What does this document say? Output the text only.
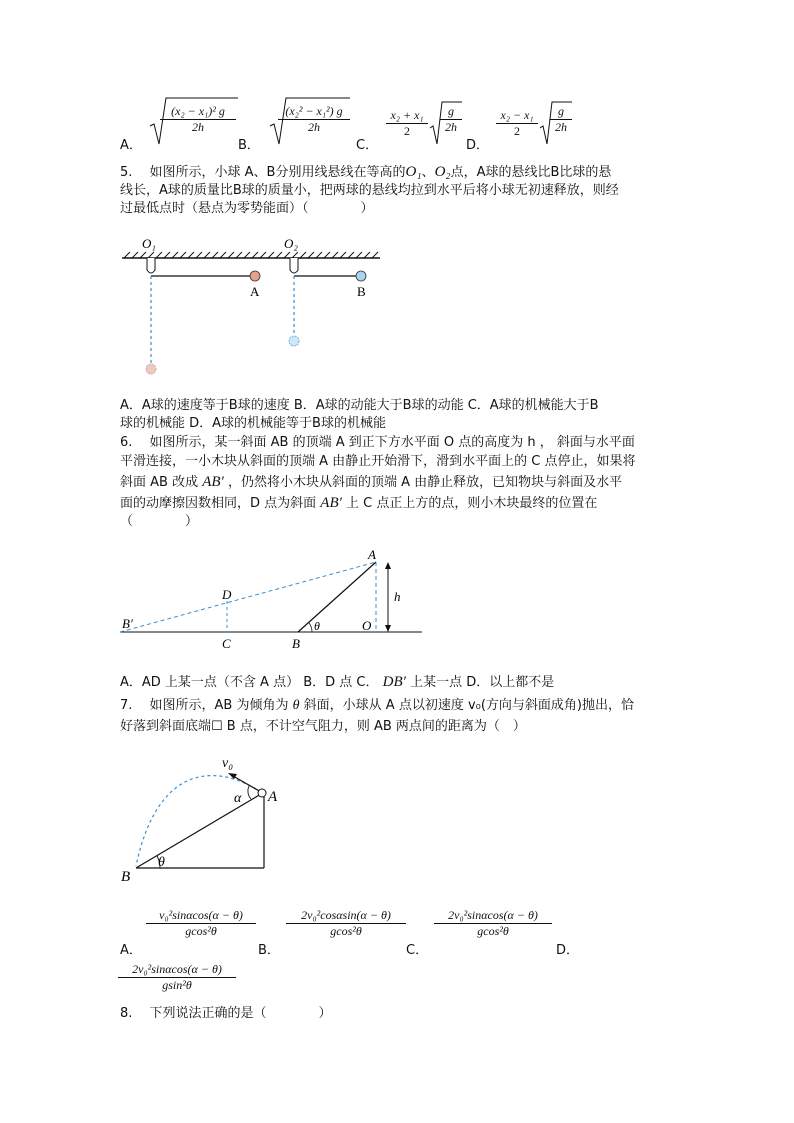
A．
$\frac{\text{(x₂ − x₁)² g}}{2h}$
B．
$\frac{\text{(x₂² − x₁²) g}}{2h}$
C．
$\frac{\text{x₂ + x₁}}{2} \frac{g}{2h}$
D．
$\frac{\text{x₂ − x₁}}{2} \frac{g}{2h}$
5.　 如图所示，小球 A、B分别用线悬线在等高的O₁、O₂点，A球的悬线比B比球的悬
线长，A球的质量比B球的质量小，把两球的悬线均拉到水平后将小球无初速释放，则经
过最低点时（悬点为零势能面）（　　　　）
O₁	O₂
A	B
A．A球的速度等于B球的速度 B．A球的动能大于B球的动能 C．A球的机械能大于B
球的机械能 D．A球的机械能等于B球的机械能
6.　 如图所示，某一斜面 AB 的顶端 A 到正下方水平面 O 点的高度为 h ， 斜面与水平面
平滑连接，一小木块从斜面的顶端 A 由静止开始滑下，滑到水平面上的 C 点停止，如果将
斜面 AB 改成 AB′ ，仍然将小木块从斜面的顶端 A 由静止释放，已知物块与斜面及水平
面的动摩擦因数相同，D 点为斜面 AB′ 上 C 点正上方的点，则小木块最终的位置在
（　　　　）
A
B
B′
C
D
O
h
θ
A．AD 上某一点（不含 A 点） B．D 点 C． DB′ 上某一点 D．以上都不是
7.　 如图所示，AB 为倾角为 θ 斜面，小球从 A 点以初速度 v₀(方向与斜面成角)抛出，恰
好落到斜面底端☐ B 点，不计空气阻力，则 AB 两点间的距离为（　）
v₀
α A
B
θ
A．
$\frac{\text{v₀²sinαcos(α − θ)}}{\text{gcos²θ}}$
B．
$\frac{\text{2v₀²cosαsin(α − θ)}}{\text{gcos²θ}}$
C．
$\frac{\text{2v₀²sinαcos(α − θ)}}{\text{gcos²θ}}$
D．
$\frac{\text{2v₀²sinαcos(α − θ)}}{\text{gsin²θ}}$
8.　 下列说法正确的是（　　　　）
